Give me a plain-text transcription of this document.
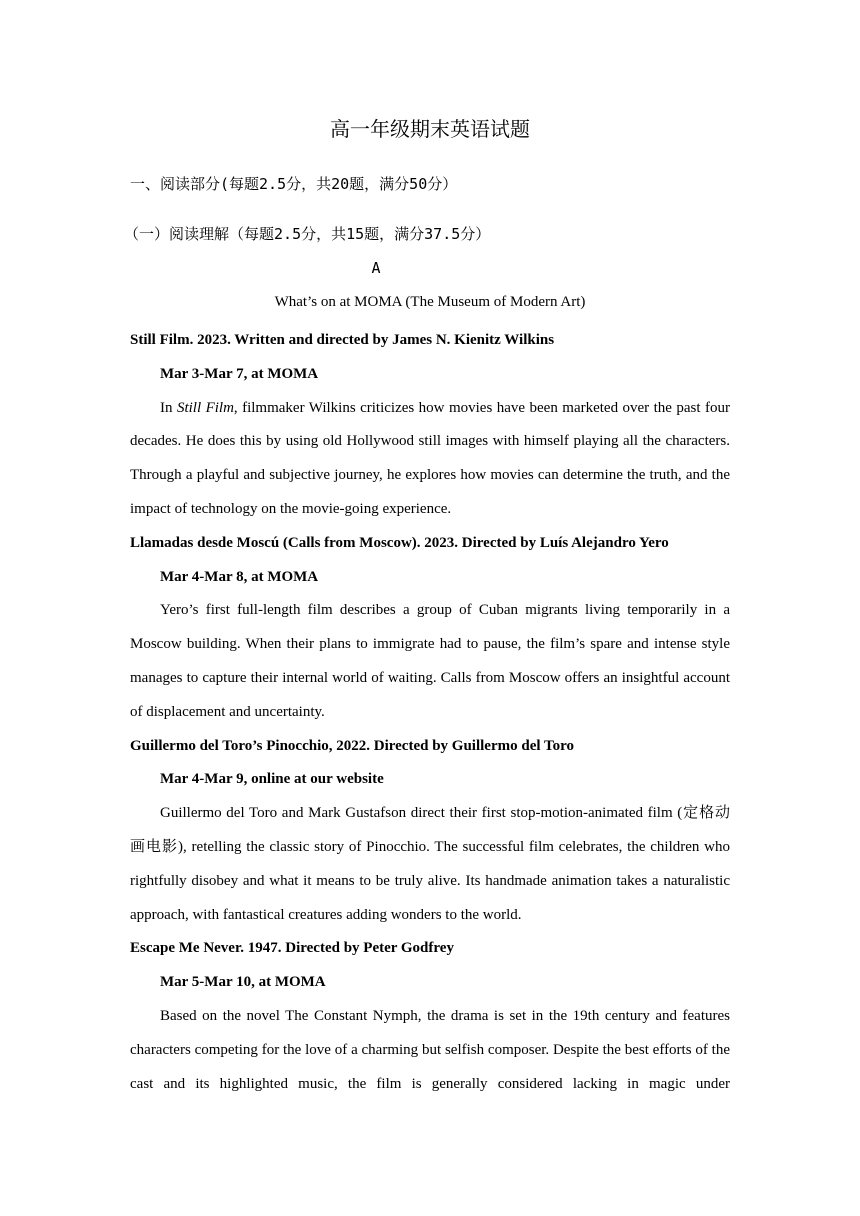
高一年级期末英语试题
一、阅读部分(每题2.5分，共20题，满分50分）
（一）阅读理解（每题2.5分，共15题，满分37.5分）
A
What’s on at MOMA (The Museum of Modern Art)

Still Film. 2023. Written and directed by James N. Kienitz Wilkins

Mar 3-Mar 7, at MOMA

In Still Film, filmmaker Wilkins criticizes how movies have been marketed over the past four decades. He does this by using old Hollywood still images with himself playing all the characters. Through a playful and subjective journey, he explores how movies can determine the truth, and the impact of technology on the movie-going experience.

Llamadas desde Moscú (Calls from Moscow). 2023. Directed by Luís Alejandro Yero

Mar 4-Mar 8, at MOMA

Yero’s first full-length film describes a group of Cuban migrants living temporarily in a Moscow building. When their plans to immigrate had to pause, the film’s spare and intense style manages to capture their internal world of waiting. Calls from Moscow offers an insightful account of displacement and uncertainty.

Guillermo del Toro’s Pinocchio, 2022. Directed by Guillermo del Toro

Mar 4-Mar 9, online at our website

Guillermo del Toro and Mark Gustafson direct their first stop-motion-animated film (定格动画电影), retelling the classic story of Pinocchio. The successful film celebrates, the children who rightfully disobey and what it means to be truly alive. Its handmade animation takes a naturalistic approach, with fantastical creatures adding wonders to the world.

Escape Me Never. 1947. Directed by Peter Godfrey

Mar 5-Mar 10, at MOMA

Based on the novel The Constant Nymph, the drama is set in the 19th century and features characters competing for the love of a charming but selfish composer. Despite the best efforts of the cast and its highlighted music, the film is generally considered lacking in magic under
